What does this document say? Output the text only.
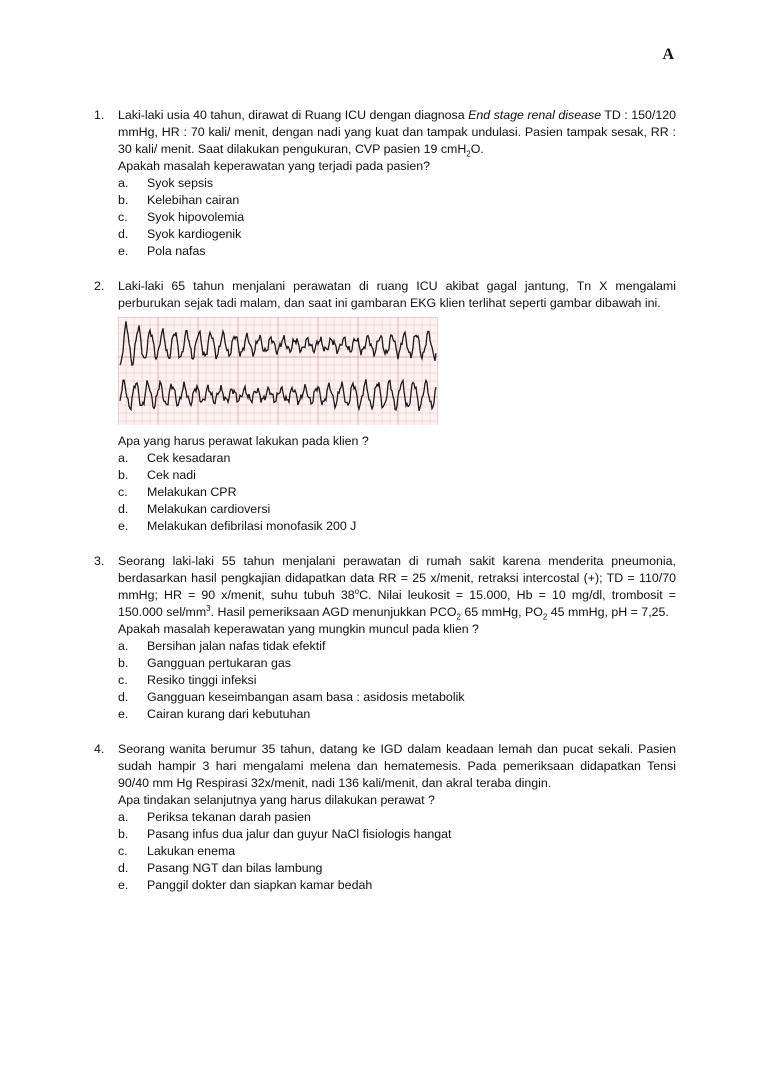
A
1.	Laki-laki usia 40 tahun, dirawat di Ruang ICU dengan diagnosa End stage renal disease TD : 150/120 mmHg, HR : 70 kali/ menit, dengan nadi yang kuat dan tampak undulasi. Pasien tampak sesak, RR : 30 kali/ menit. Saat dilakukan pengukuran, CVP pasien 19 cmH$_2$O.

Apakah masalah keperawatan yang terjadi pada pasien?

a.	Syok sepsis
b.	Kelebihan cairan
c.	Syok hipovolemia
d.	Syok kardiogenik
e.	Pola nafas
2.	Laki-laki 65 tahun menjalani perawatan di ruang ICU akibat gagal jantung, Tn X mengalami perburukan sejak tadi malam, dan saat ini gambaran EKG klien terlihat seperti gambar dibawah ini.

Apa yang harus perawat lakukan pada klien ?

a.	Cek kesadaran
b.	Cek nadi
c.	Melakukan CPR
d.	Melakukan cardioversi
e.	Melakukan defibrilasi monofasik 200 J
3.	Seorang laki-laki 55 tahun menjalani perawatan di rumah sakit karena menderita pneumonia, berdasarkan hasil pengkajian didapatkan data RR = 25 x/menit, retraksi intercostal (+); TD = 110/70 mmHg; HR = 90 x/menit, suhu tubuh 38$^o$C. Nilai leukosit = 15.000, Hb = 10 mg/dl, trombosit = 150.000 sel/$mm^3$. Hasil pemeriksaan AGD menunjukkan $PCO_2$ 65 mmHg, $PO_2$ 45 mmHg, pH = 7,25.

Apakah masalah keperawatan yang mungkin muncul pada klien ?

a.	Bersihan jalan nafas tidak efektif
b.	Gangguan pertukaran gas
c.	Resiko tinggi infeksi
d.	Gangguan keseimbangan asam basa : asidosis metabolik
e.	Cairan kurang dari kebutuhan
4.	Seorang wanita berumur 35 tahun, datang ke IGD dalam keadaan lemah dan pucat sekali. Pasien sudah hampir 3 hari mengalami melena dan hematemesis. Pada pemeriksaan didapatkan Tensi 90/40 mm Hg Respirasi 32x/menit, nadi 136 kali/menit, dan akral teraba dingin.

Apa tindakan selanjutnya yang harus dilakukan perawat ?

a.	Periksa tekanan darah pasien
b.	Pasang infus dua jalur dan guyur NaCl fisiologis hangat
c.	Lakukan enema
d.	Pasang NGT dan bilas lambung
e.	Panggil dokter dan siapkan kamar bedah
